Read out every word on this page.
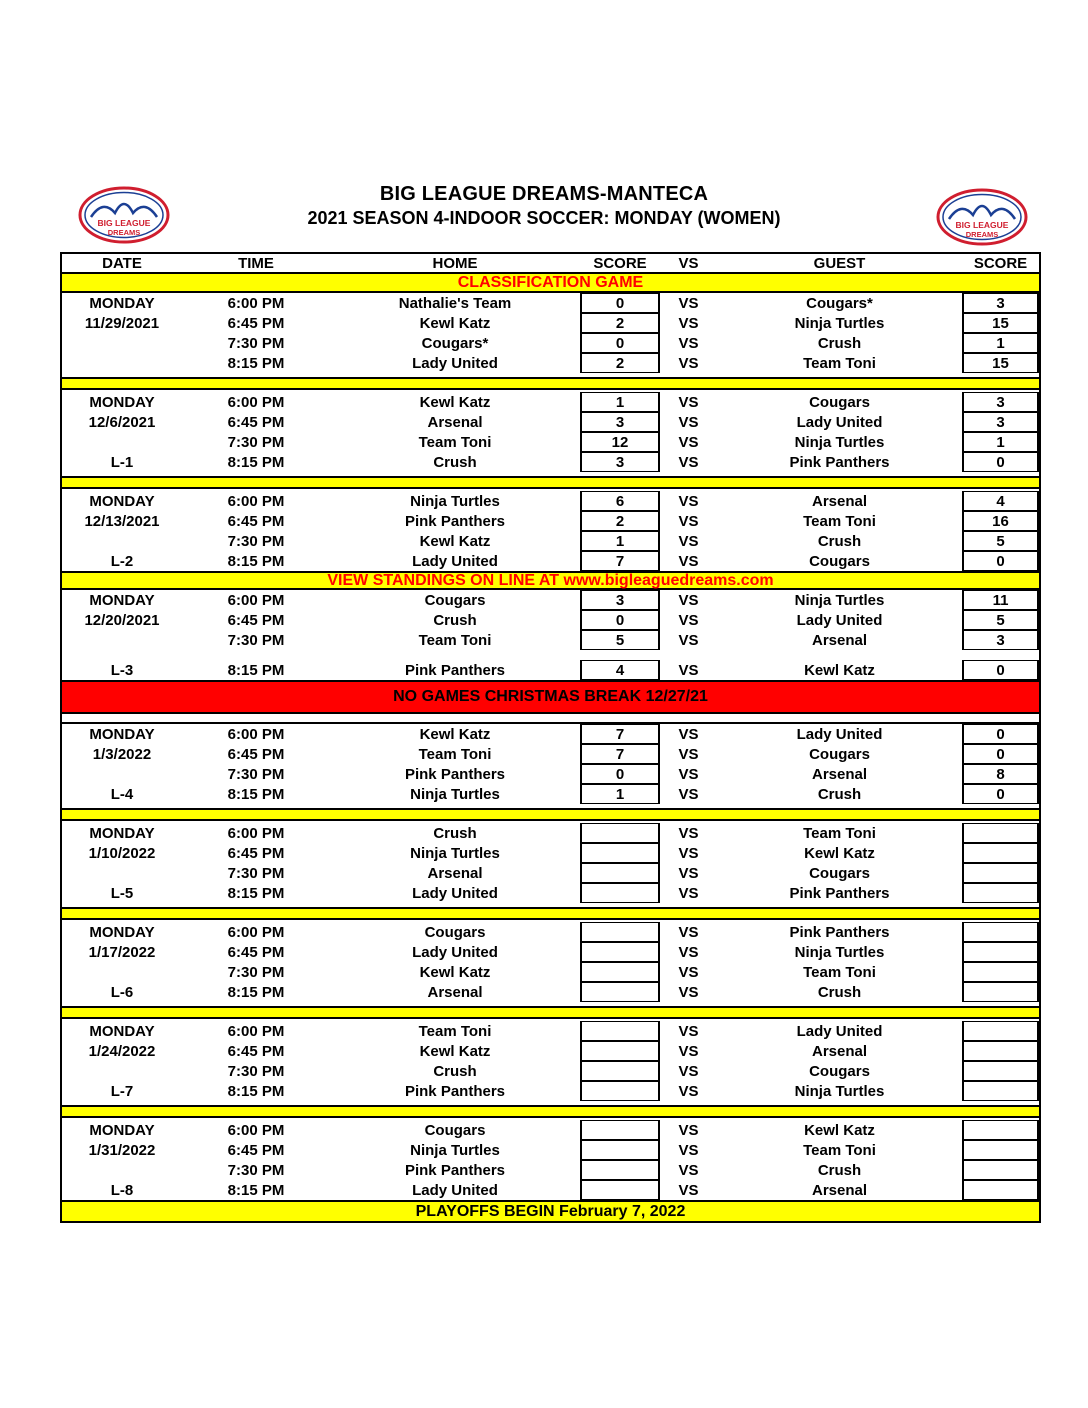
BIG LEAGUE
DREAMS
BIG LEAGUE DREAMS-MANTECA
2021 SEASON 4-INDOOR SOCCER: MONDAY (WOMEN)	BIG LEAGUE
DREAMS
DATE	TIME	HOME	SCORE	VS	GUEST	SCORE
CLASSIFICATION GAME
MONDAY	6:00 PM	Nathalie's Team	0	VS	Cougars*	3
11/29/2021	6:45 PM	Kewl Katz	2	VS	Ninja Turtles	15
7:30 PM	Cougars*	0	VS	Crush	1
8:15 PM	Lady United	2	VS	Team Toni	15
MONDAY	6:00 PM	Kewl Katz	1	VS	Cougars	3
12/6/2021	6:45 PM	Arsenal	3	VS	Lady United	3
7:30 PM	Team Toni	12	VS	Ninja Turtles	1
L-1	8:15 PM	Crush	3	VS	Pink Panthers	0
MONDAY	6:00 PM	Ninja Turtles	6	VS	Arsenal	4
12/13/2021	6:45 PM	Pink Panthers	2	VS	Team Toni	16
7:30 PM	Kewl Katz	1	VS	Crush	5
L-2	8:15 PM	Lady United	7	VS	Cougars	0
VIEW STANDINGS ON LINE AT www.bigleaguedreams.com
MONDAY	6:00 PM	Cougars	3	VS	Ninja Turtles	11
12/20/2021	6:45 PM	Crush	0	VS	Lady United	5
7:30 PM	Team Toni	5	VS	Arsenal	3
L-3	8:15 PM	Pink Panthers	4	VS	Kewl Katz	0
NO GAMES CHRISTMAS BREAK 12/27/21
MONDAY	6:00 PM	Kewl Katz	7	VS	Lady United	0
1/3/2022	6:45 PM	Team Toni	7	VS	Cougars	0
7:30 PM	Pink Panthers	0	VS	Arsenal	8
L-4	8:15 PM	Ninja Turtles	1	VS	Crush	0
MONDAY	6:00 PM	Crush	VS	Team Toni
1/10/2022	6:45 PM	Ninja Turtles	VS	Kewl Katz
7:30 PM	Arsenal	VS	Cougars
L-5	8:15 PM	Lady United	VS	Pink Panthers
MONDAY	6:00 PM	Cougars	VS	Pink Panthers
1/17/2022	6:45 PM	Lady United	VS	Ninja Turtles
7:30 PM	Kewl Katz	VS	Team Toni
L-6	8:15 PM	Arsenal	VS	Crush
MONDAY	6:00 PM	Team Toni	VS	Lady United
1/24/2022	6:45 PM	Kewl Katz	VS	Arsenal
7:30 PM	Crush	VS	Cougars
L-7	8:15 PM	Pink Panthers	VS	Ninja Turtles
MONDAY	6:00 PM	Cougars	VS	Kewl Katz
1/31/2022	6:45 PM	Ninja Turtles	VS	Team Toni
7:30 PM	Pink Panthers	VS	Crush
L-8	8:15 PM	Lady United	VS	Arsenal
PLAYOFFS BEGIN February 7, 2022
